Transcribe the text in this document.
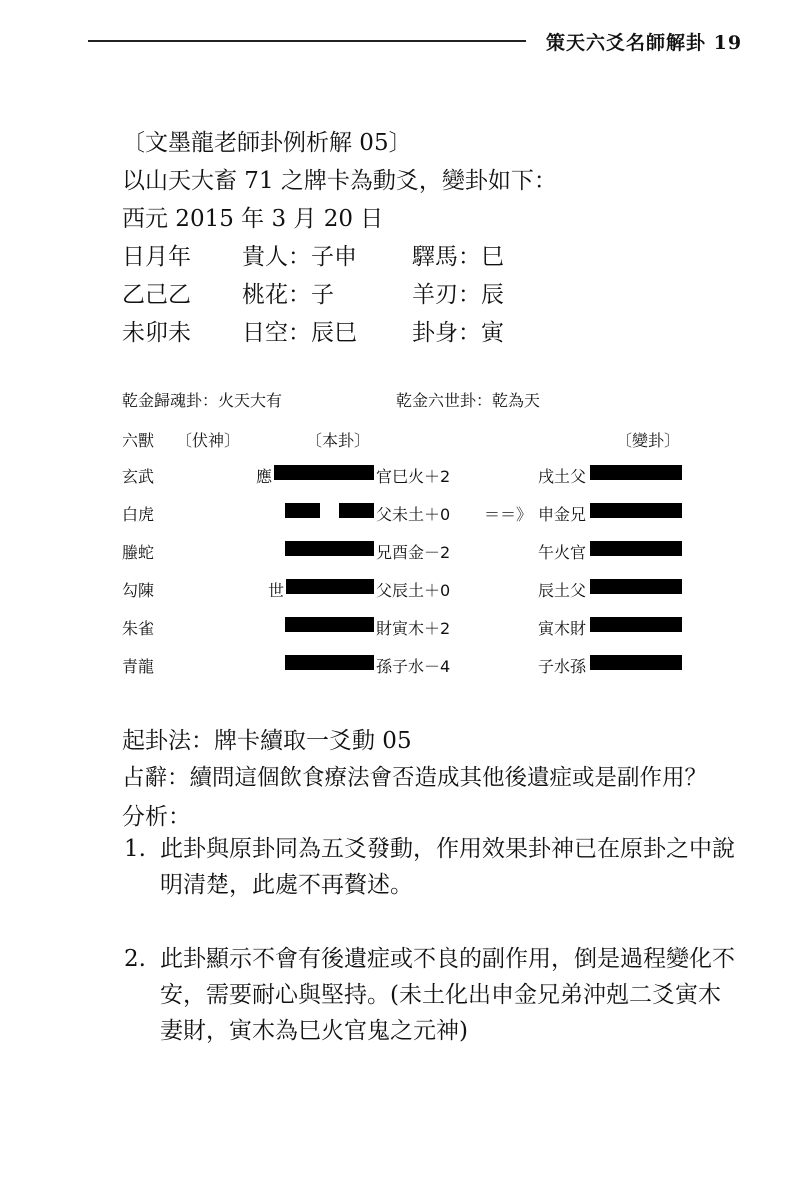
策天六爻名師解卦 19
〔文墨龍老師卦例析解 05〕
以山天大畜 71 之牌卡為動爻，變卦如下：
西元 2015 年 3 月 20 日
日月年 貴人：子申 驛馬：巳
乙己乙 桃花：子	羊刃：辰
未卯未 日空：辰巳 卦身：寅
乾金歸魂卦：火天大有	乾金六世卦：乾為天
六獸 〔伏神〕	〔本卦〕	〔變卦〕
玄武	應	官巳火＋2	戌土父
白虎	父未土＋0 ＝＝》 申金兄
螣蛇	兄酉金－2	午火官
勾陳	世	父辰土＋0	辰土父
朱雀	財寅木＋2	寅木財
青龍	孫子水－4	子水孫
起卦法：牌卡續取一爻動 05
占辭：續問這個飲食療法會否造成其他後遺症或是副作用？
分析：
1. 此卦與原卦同為五爻發動，作用效果卦神已在原卦之中說明清楚，此處不再贅述。
2. 此卦顯示不會有後遺症或不良的副作用，倒是過程變化不安，需要耐心與堅持。(未土化出申金兄弟沖剋二爻寅木妻財，寅木為巳火官鬼之元神)
